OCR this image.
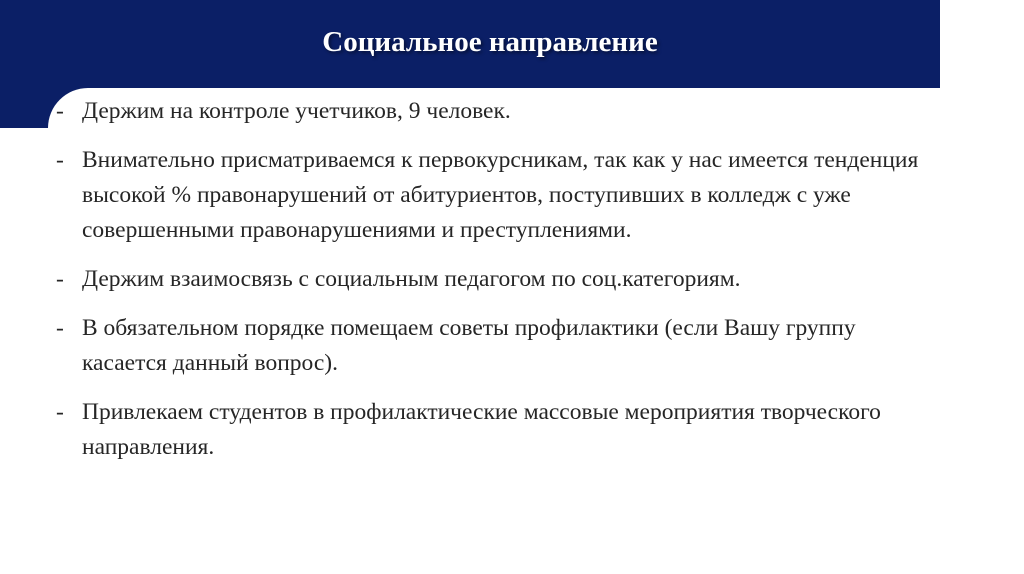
Социальное направление
- Держим на контроле учетчиков, 9 человек.
- Внимательно присматриваемся к первокурсникам, так как у нас имеется тенденция высокой % правонарушений от абитуриентов, поступивших в колледж с уже совершенными правонарушениями и преступлениями.
- Держим взаимосвязь с социальным педагогом по соц.категориям.
- В обязательном порядке помещаем советы профилактики (если Вашу группу касается данный вопрос).
- Привлекаем студентов в профилактические массовые мероприятия творческого направления.
